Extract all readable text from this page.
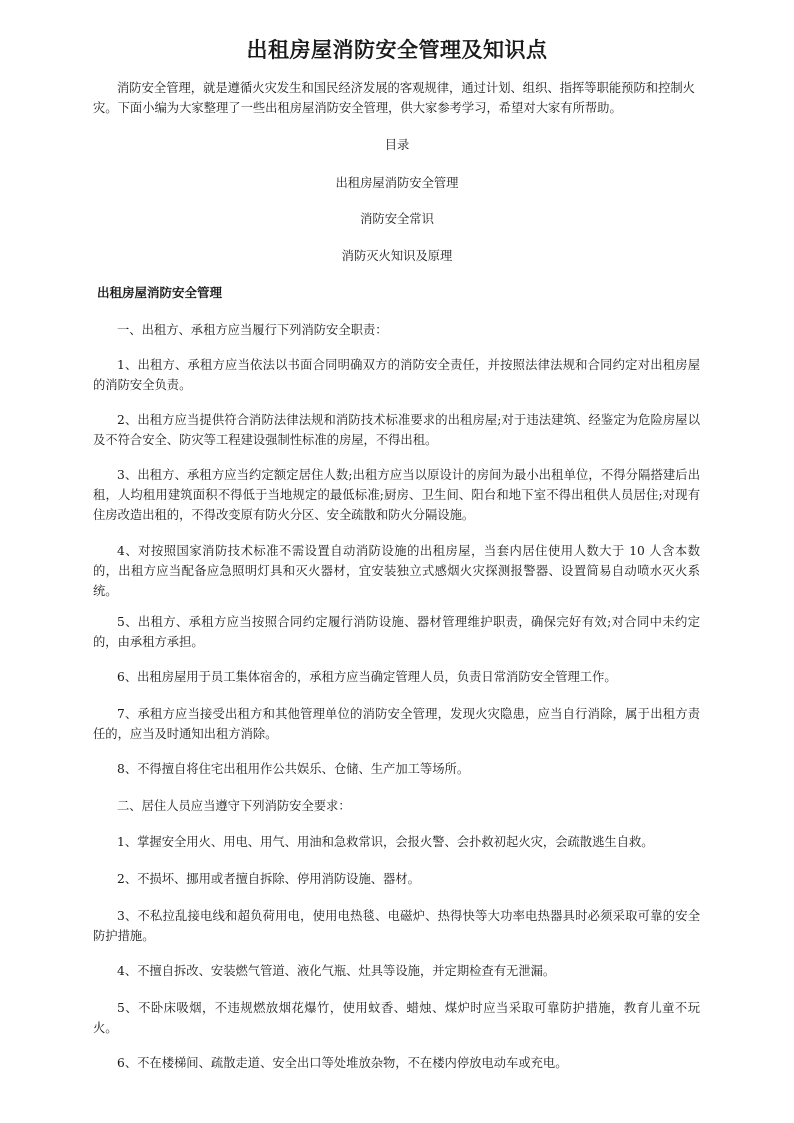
出租房屋消防安全管理及知识点

消防安全管理，就是遵循火灾发生和国民经济发展的客观规律，通过计划、组织、指挥等职能预防和控制火灾。下面小编为大家整理了一些出租房屋消防安全管理，供大家参考学习，希望对大家有所帮助。

目录

出租房屋消防安全管理

消防安全常识

消防灭火知识及原理

出租房屋消防安全管理

一、出租方、承租方应当履行下列消防安全职责：

1、出租方、承租方应当依法以书面合同明确双方的消防安全责任，并按照法律法规和合同约定对出租房屋的消防安全负责。

2、出租方应当提供符合消防法律法规和消防技术标准要求的出租房屋;对于违法建筑、经鉴定为危险房屋以及不符合安全、防灾等工程建设强制性标准的房屋，不得出租。

3、出租方、承租方应当约定额定居住人数;出租方应当以原设计的房间为最小出租单位，不得分隔搭建后出租，人均租用建筑面积不得低于当地规定的最低标准;厨房、卫生间、阳台和地下室不得出租供人员居住;对现有住房改造出租的，不得改变原有防火分区、安全疏散和防火分隔设施。

4、对按照国家消防技术标准不需设置自动消防设施的出租房屋，当套内居住使用人数大于 10 人含本数的，出租方应当配备应急照明灯具和灭火器材，宜安装独立式感烟火灾探测报警器、设置简易自动喷水灭火系统。

5、出租方、承租方应当按照合同约定履行消防设施、器材管理维护职责，确保完好有效;对合同中未约定的，由承租方承担。

6、出租房屋用于员工集体宿舍的，承租方应当确定管理人员，负责日常消防安全管理工作。

7、承租方应当接受出租方和其他管理单位的消防安全管理，发现火灾隐患，应当自行消除，属于出租方责任的，应当及时通知出租方消除。

8、不得擅自将住宅出租用作公共娱乐、仓储、生产加工等场所。

二、居住人员应当遵守下列消防安全要求：

1、掌握安全用火、用电、用气、用油和急救常识，会报火警、会扑救初起火灾，会疏散逃生自救。

2、不损坏、挪用或者擅自拆除、停用消防设施、器材。

3、不私拉乱接电线和超负荷用电，使用电热毯、电磁炉、热得快等大功率电热器具时必须采取可靠的安全防护措施。

4、不擅自拆改、安装燃气管道、液化气瓶、灶具等设施，并定期检查有无泄漏。

5、不卧床吸烟，不违规燃放烟花爆竹，使用蚊香、蜡烛、煤炉时应当采取可靠防护措施，教育儿童不玩火。

6、不在楼梯间、疏散走道、安全出口等处堆放杂物，不在楼内停放电动车或充电。
